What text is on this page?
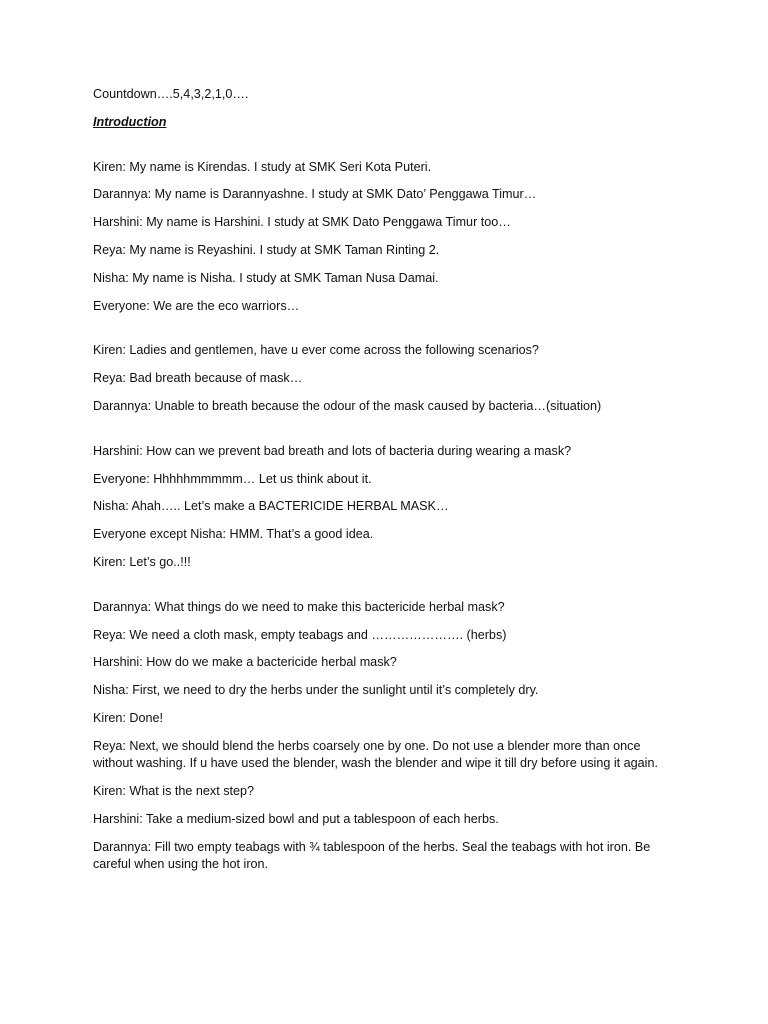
Countdown….5,4,3,2,1,0….

Introduction

Kiren: My name is Kirendas. I study at SMK Seri Kota Puteri.

Darannya: My name is Darannyashne. I study at SMK Dato’ Penggawa Timur…

Harshini: My name is Harshini. I study at SMK Dato Penggawa Timur too…

Reya: My name is Reyashini. I study at SMK Taman Rinting 2.

Nisha: My name is Nisha. I study at SMK Taman Nusa Damai.

Everyone: We are the eco warriors…

Kiren: Ladies and gentlemen, have u ever come across the following scenarios?

Reya: Bad breath because of mask…

Darannya: Unable to breath because the odour of the mask caused by bacteria…(situation)

Harshini: How can we prevent bad breath and lots of bacteria during wearing a mask?

Everyone: Hhhhhmmmmm… Let us think about it.

Nisha: Ahah….. Let’s make a BACTERICIDE HERBAL MASK…

Everyone except Nisha: HMM. That’s a good idea.

Kiren: Let’s go..!!!

Darannya: What things do we need to make this bactericide herbal mask?

Reya: We need a cloth mask, empty teabags and …………………. (herbs)

Harshini: How do we make a bactericide herbal mask?

Nisha: First, we need to dry the herbs under the sunlight until it’s completely dry.

Kiren: Done!

Reya: Next, we should blend the herbs coarsely one by one. Do not use a blender more than once without washing. If u have used the blender, wash the blender and wipe it till dry before using it again.

Kiren: What is the next step?

Harshini: Take a medium-sized bowl and put a tablespoon of each herbs.

Darannya: Fill two empty teabags with ¾ tablespoon of the herbs. Seal the teabags with hot iron. Be careful when using the hot iron.
